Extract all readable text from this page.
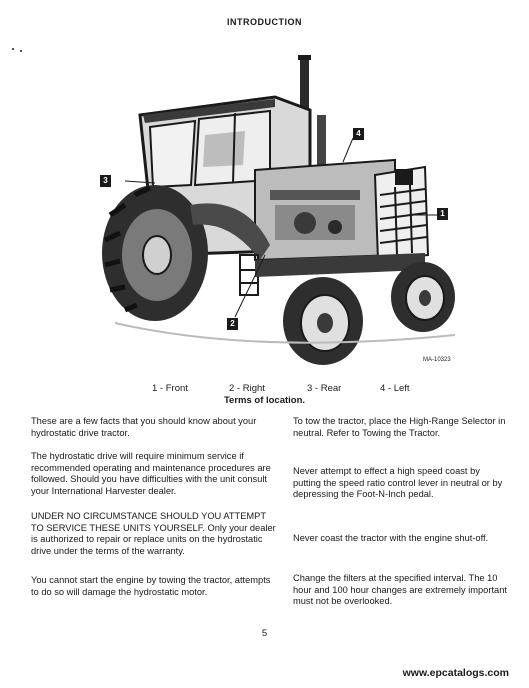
INTRODUCTION
3
4
1
2
MA-10323
1 - Front	2 - Right	3 - Rear	4 - Left
Terms of location.

These are a few facts that you should know about your hydrostatic drive tractor.

The hydrostatic drive will require minimum service if recommended operating and maintenance procedures are followed. Should you have difficulties with the unit consult your International Harvester dealer.

UNDER NO CIRCUMSTANCE SHOULD YOU ATTEMPT TO SERVICE THESE UNITS YOURSELF. Only your dealer is authorized to repair or replace units on the hydrostatic drive under the terms of the warranty.

You cannot start the engine by towing the tractor, attempts to do so will damage the hydrostatic motor.

To tow the tractor, place the High-Range Selector in neutral. Refer to Towing the Tractor.

Never attempt to effect a high speed coast by putting the speed ratio control lever in neutral or by depressing the Foot-N-Inch pedal.

Never coast the tractor with the engine shut-off.

Change the filters at the specified interval. The 10 hour and 100 hour changes are extremely important must not be overlooked.

5
www.epcatalogs.com
